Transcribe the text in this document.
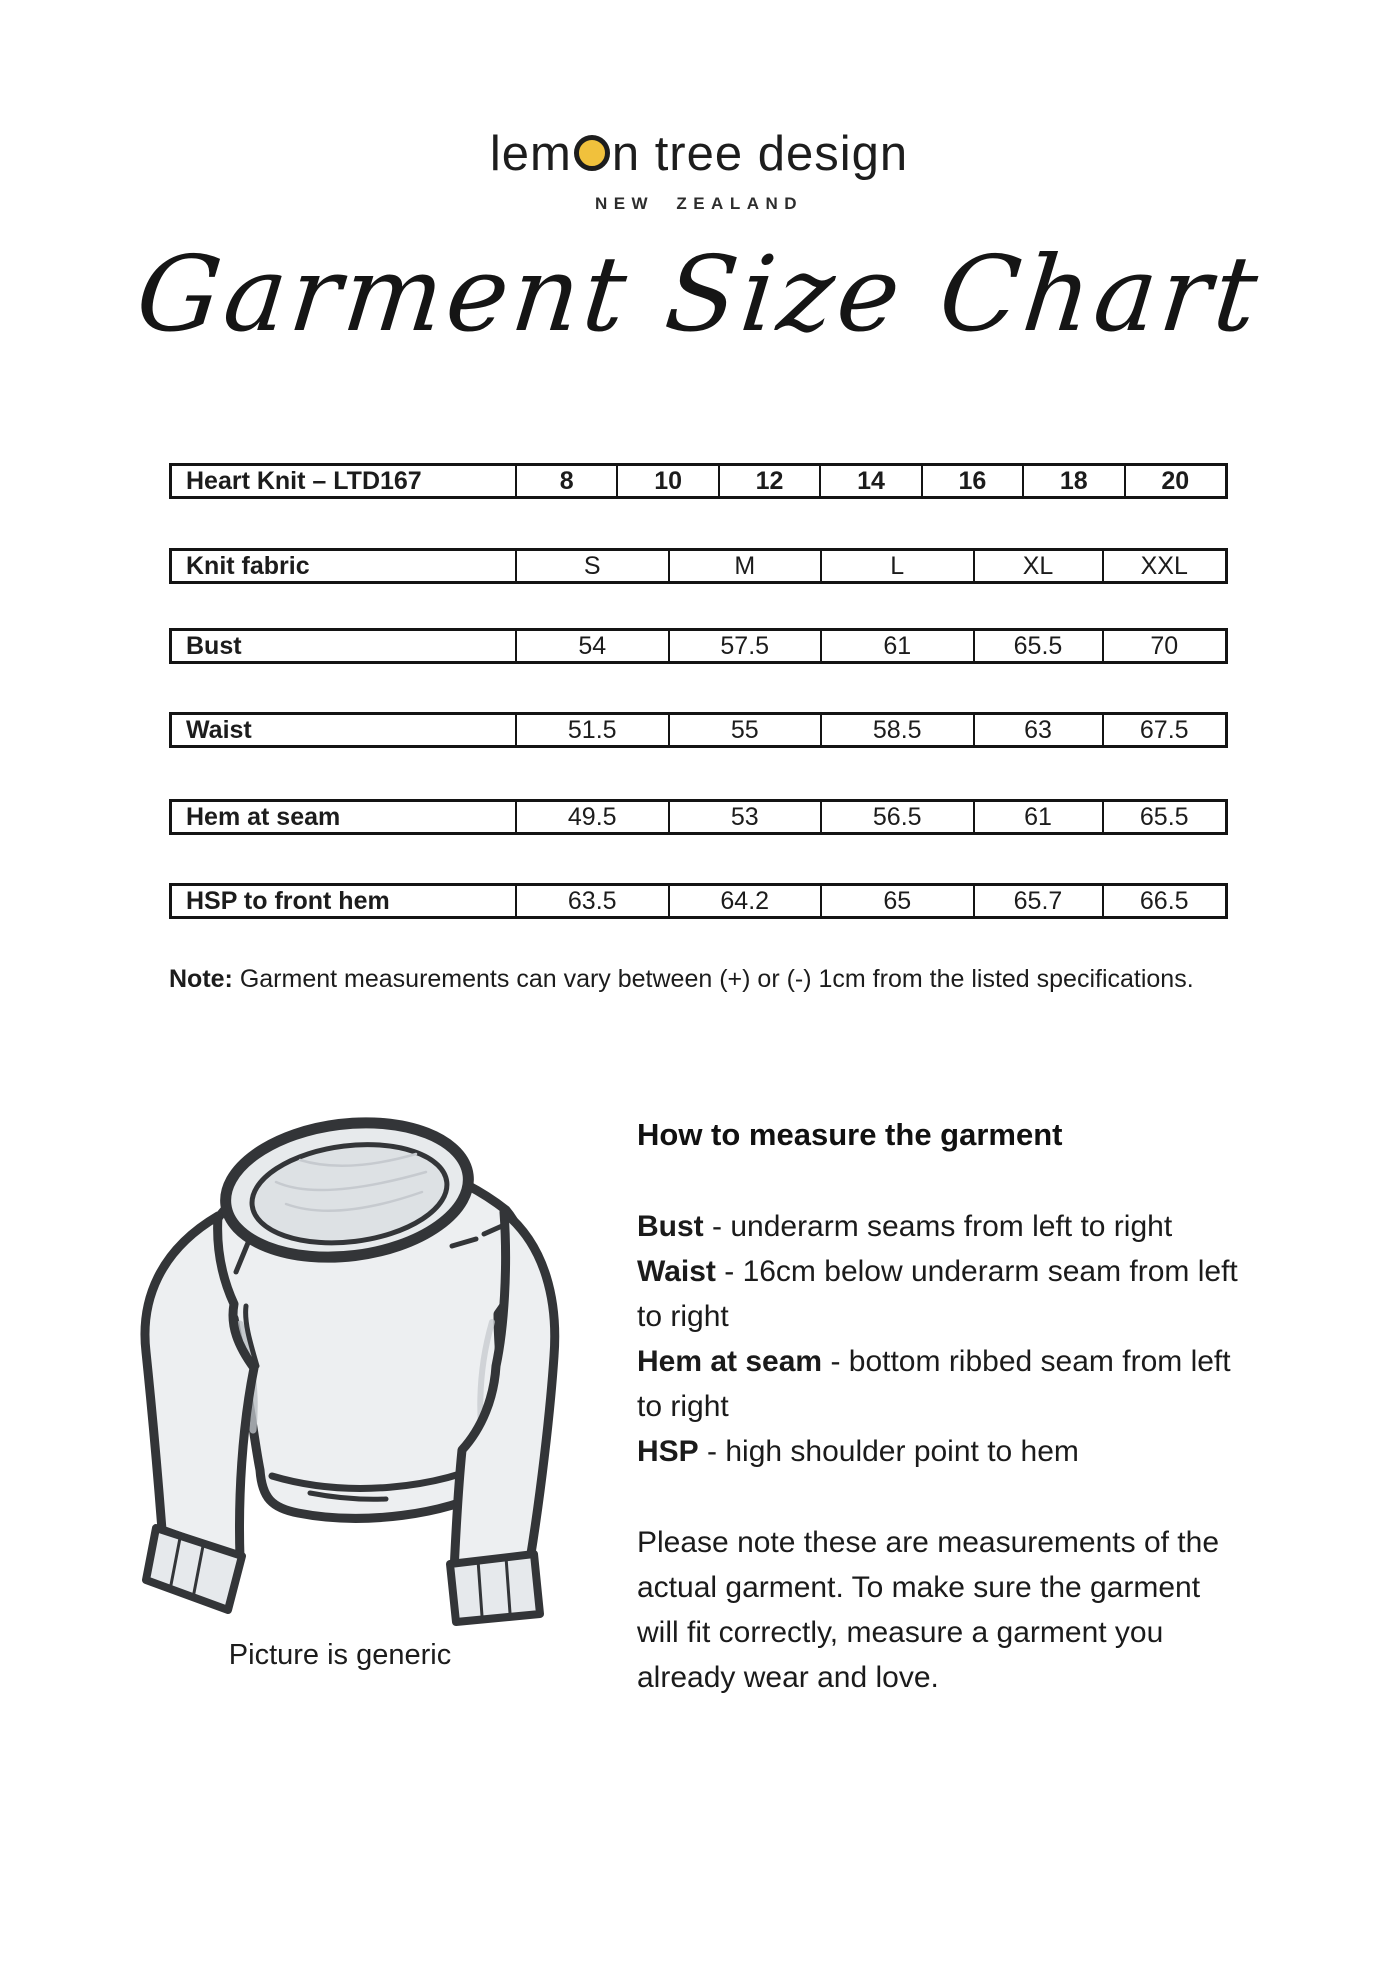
lem n tree design
NEW ZEALAND
Garment Size Chart
Heart Knit – LTD167	8	10	12	14	16	18	20
Knit fabric	S	M	L	XL	XXL
Bust	54	57.5	61	65.5	70
Waist	51.5	55	58.5	63	67.5
Hem at seam	49.5	53	56.5	61	65.5
HSP to front hem	63.5	64.2	65	65.7	66.5
Note: Garment measurements can vary between (+) or (-) 1cm from the listed specifications.
Picture is generic
How to measure the garment
Bust - underarm seams from left to right
Waist - 16cm below underarm seam from left to right
Hem at seam - bottom ribbed seam from left to right
HSP - high shoulder point to hem

Please note these are measurements of the actual garment. To make sure the garment will fit correctly, measure a garment you already wear and love.
